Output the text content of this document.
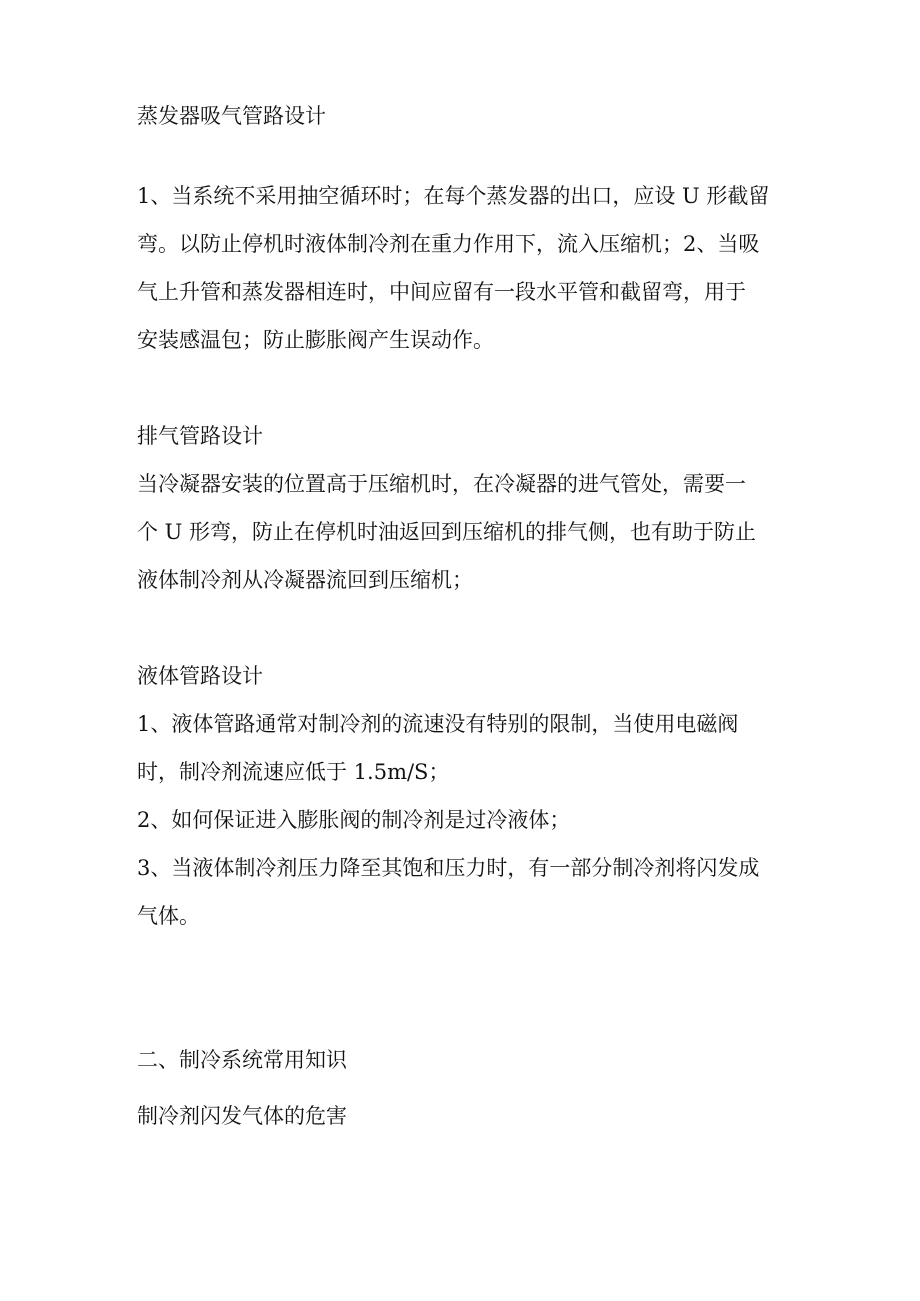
蒸发器吸气管路设计

1、当系统不采用抽空循环时；在每个蒸发器的出口，应设 U 形截留

弯。以防止停机时液体制冷剂在重力作用下，流入压缩机；2、当吸

气上升管和蒸发器相连时，中间应留有一段水平管和截留弯，用于

安装感温包；防止膨胀阀产生误动作。

排气管路设计

当冷凝器安装的位置高于压缩机时，在冷凝器的进气管处，需要一

个 U 形弯，防止在停机时油返回到压缩机的排气侧，也有助于防止

液体制冷剂从冷凝器流回到压缩机；

液体管路设计

1、液体管路通常对制冷剂的流速没有特别的限制，当使用电磁阀

时，制冷剂流速应低于 1.5m/S；

2、如何保证进入膨胀阀的制冷剂是过冷液体；

3、当液体制冷剂压力降至其饱和压力时，有一部分制冷剂将闪发成

气体。

二、制冷系统常用知识

制冷剂闪发气体的危害
